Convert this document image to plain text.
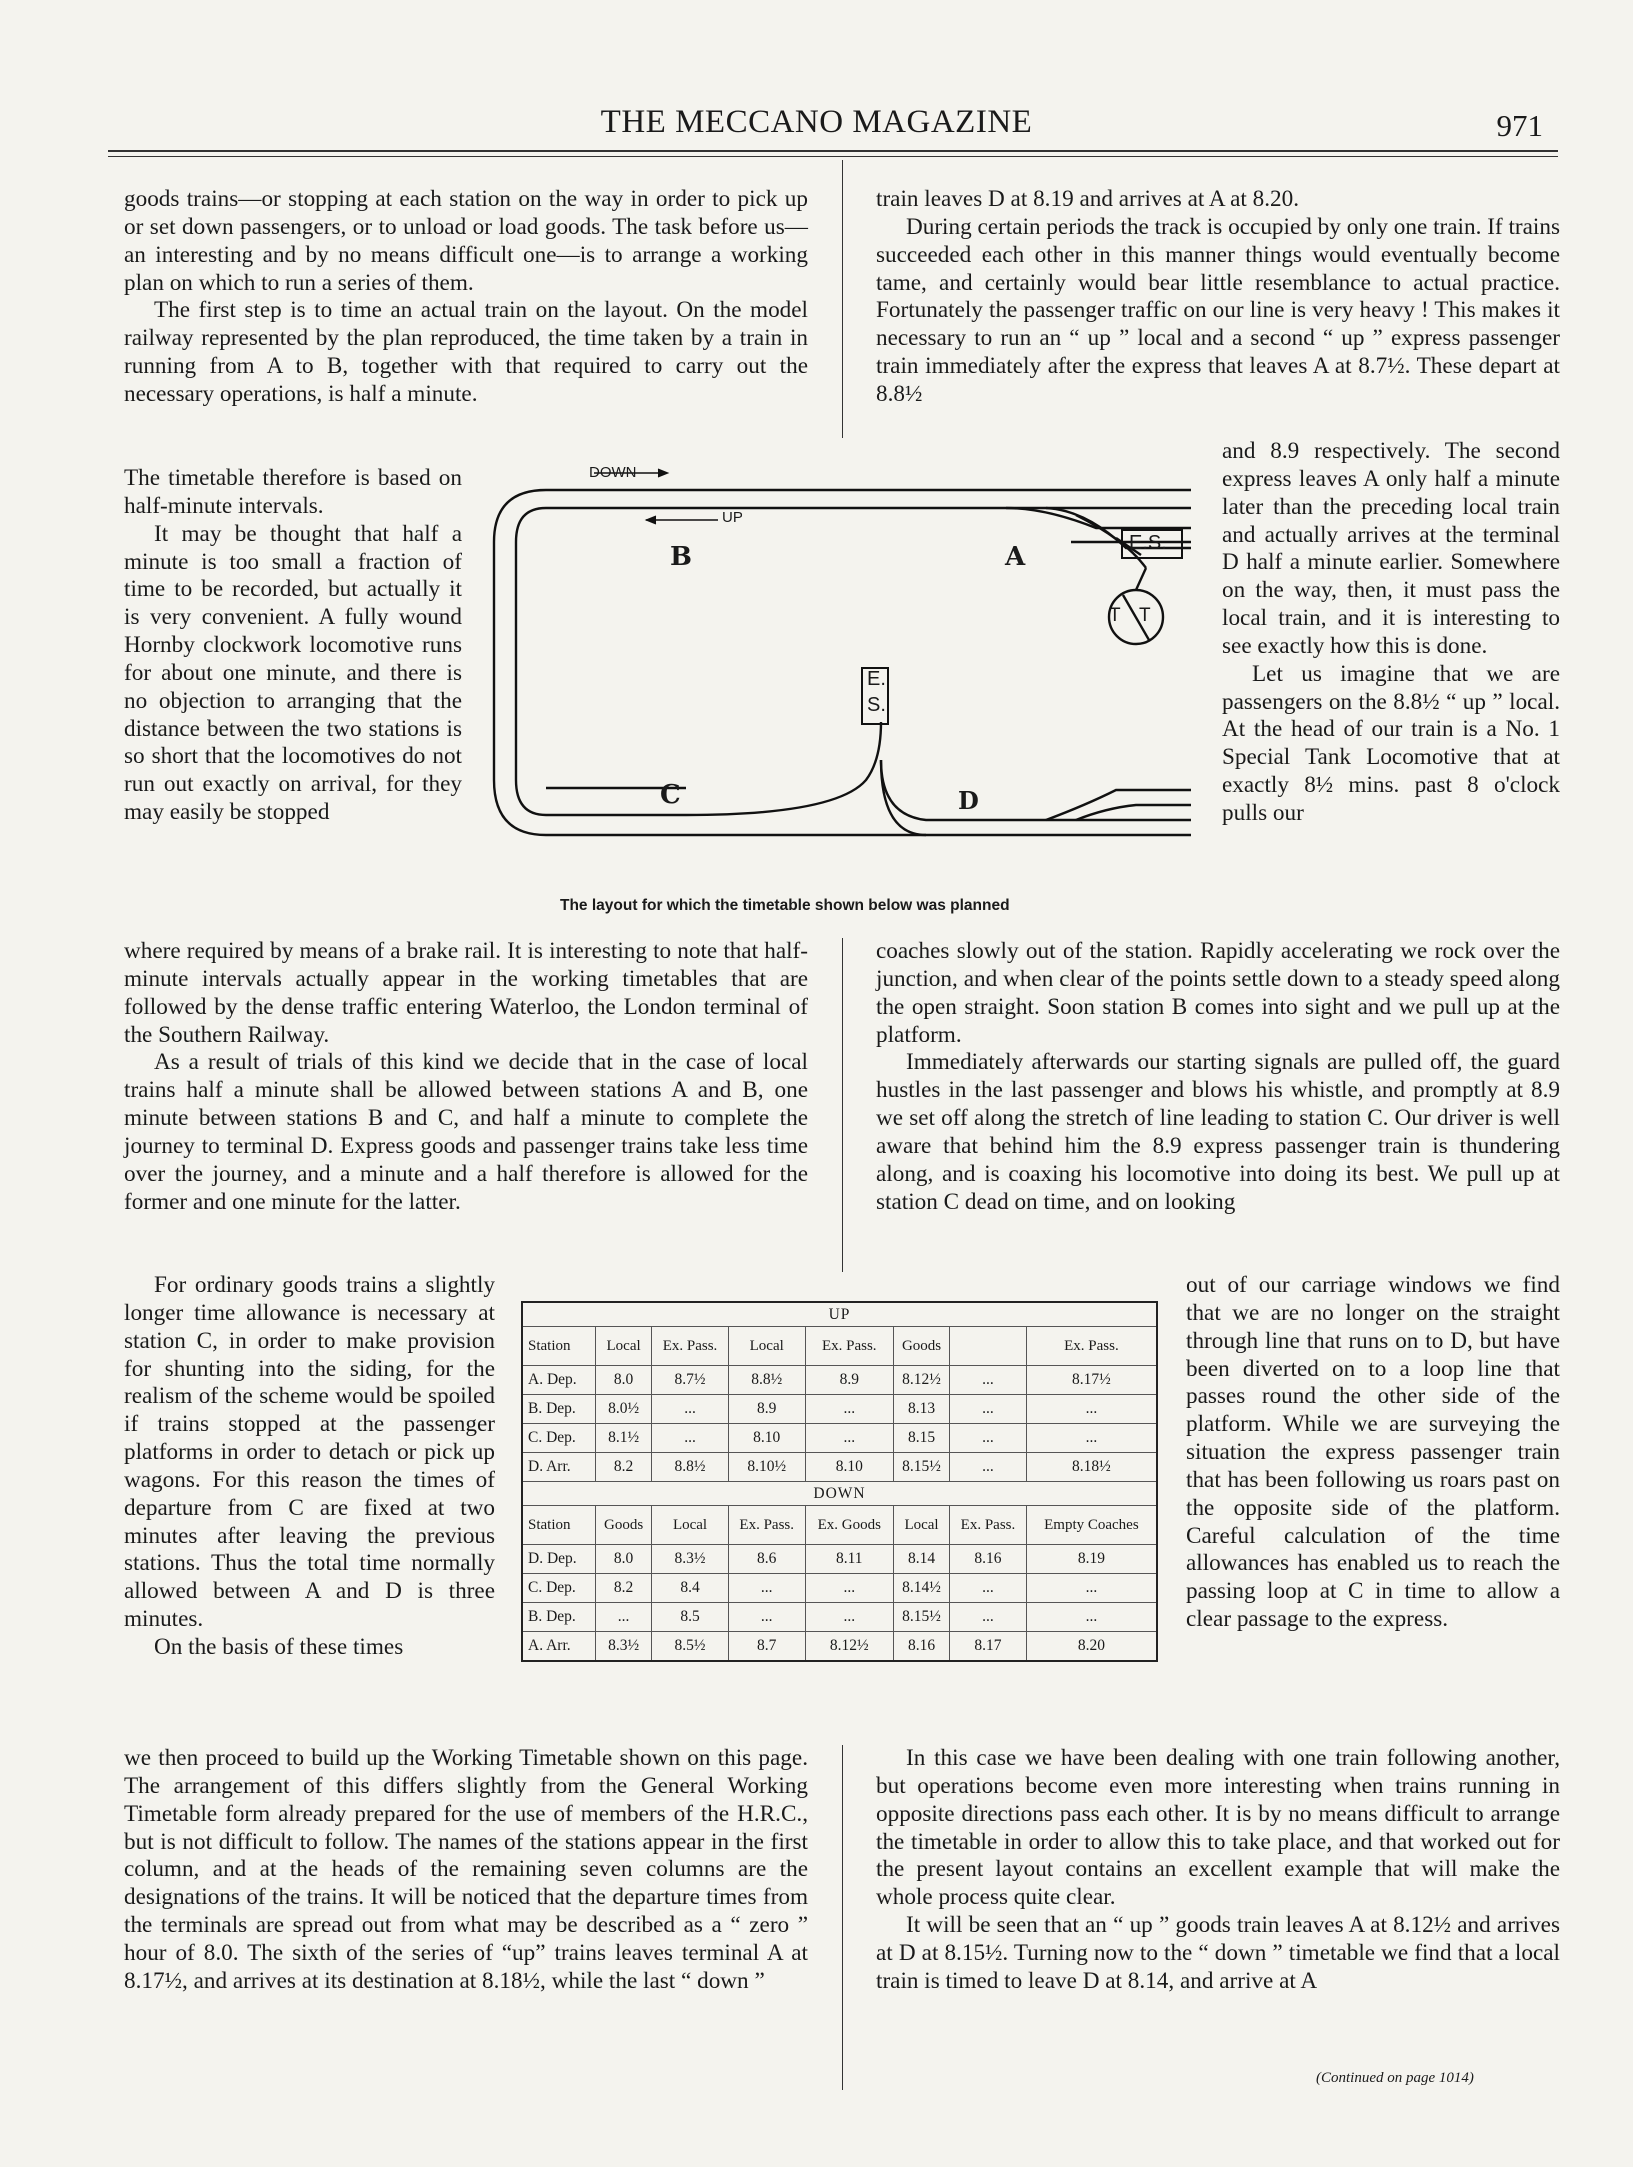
THE MECCANO MAGAZINE	971

goods trains—or stopping at each station on the way in order to pick up or set down passengers, or to unload or load goods. The task before us—an interesting and by no means difficult one—is to arrange a working plan on which to run a series of them.

The first step is to time an actual train on the layout. On the model railway represented by the plan reproduced, the time taken by a train in running from A to B, together with that required to carry out the necessary operations, is half a minute.

The timetable therefore is based on half-minute intervals.

It may be thought that half a minute is too small a fraction of time to be recorded, but actually it is very convenient. A fully wound Hornby clockwork locomotive runs for about one minute, and there is no objection to arranging that the distance between the two stations is so short that the locomotives do not run out exactly on arrival, for they may easily be stopped

where required by means of a brake rail. It is interesting to note that half-minute intervals actually appear in the working timetables that are followed by the dense traffic entering Waterloo, the London terminal of the Southern Railway.

As a result of trials of this kind we decide that in the case of local trains half a minute shall be allowed between stations A and B, one minute between stations B and C, and half a minute to complete the journey to terminal D. Express goods and passenger trains take less time over the journey, and a minute and a half therefore is allowed for the former and one minute for the latter.

For ordinary goods trains a slightly longer time allowance is necessary at station C, in order to make provision for shunting into the siding, for the realism of the scheme would be spoiled if trains stopped at the passenger platforms in order to detach or pick up wagons. For this reason the times of departure from C are fixed at two minutes after leaving the previous stations. Thus the total time normally allowed between A and D is three minutes.

On the basis of these times

we then proceed to build up the Working Timetable shown on this page. The arrangement of this differs slightly from the General Working Timetable form already prepared for the use of members of the H.R.C., but is not difficult to follow. The names of the stations appear in the first column, and at the heads of the remaining seven columns are the designations of the trains. It will be noticed that the departure times from the terminals are spread out from what may be described as a “ zero ” hour of 8.0. The sixth of the series of “up” trains leaves terminal A at 8.17½, and arrives at its destination at 8.18½, while the last “ down ”

train leaves D at 8.19 and arrives at A at 8.20.

During certain periods the track is occupied by only one train. If trains succeeded each other in this manner things would eventually become tame, and certainly would bear little resemblance to actual practice. Fortunately the passenger traffic on our line is very heavy ! This makes it necessary to run an “ up ” local and a second “ up ” express passenger train immediately after the express that leaves A at 8.7½. These depart at 8.8½

and 8.9 respectively. The second express leaves A only half a minute later than the preceding local train and actually arrives at the terminal D half a minute earlier. Somewhere on the way, then, it must pass the local train, and it is interesting to see exactly how this is done.

Let us imagine that we are passengers on the 8.8½ “ up ” local. At the head of our train is a No. 1 Special Tank Locomotive that at exactly 8½ mins. past 8 o'clock pulls our

coaches slowly out of the station. Rapidly accelerating we rock over the junction, and when clear of the points settle down to a steady speed along the open straight. Soon station B comes into sight and we pull up at the platform.

Immediately afterwards our starting signals are pulled off, the guard hustles in the last passenger and blows his whistle, and promptly at 8.9 we set off along the stretch of line leading to station C. Our driver is well aware that behind him the 8.9 express passenger train is thundering along, and is coaxing his locomotive into doing its best. We pull up at station C dead on time, and on looking

out of our carriage windows we find that we are no longer on the straight through line that runs on to D, but have been diverted on to a loop line that passes round the other side of the platform. While we are surveying the situation the express passenger train that has been following us roars past on the opposite side of the platform. Careful calculation of the time allowances has enabled us to reach the passing loop at C in time to allow a clear passage to the express.

In this case we have been dealing with one train following another, but operations become even more interesting when trains running in opposite directions pass each other. It is by no means difficult to arrange the timetable in order to allow this to take place, and that worked out for the present layout contains an excellent example that will make the whole process quite clear.

It will be seen that an “ up ” goods train leaves A at 8.12½ and arrives at D at 8.15½. Turning now to the “ down ” timetable we find that a local train is timed to leave D at 8.14, and arrive at A

(Continued on page 1014)
DOWN
UP
B	A
C	D
E.S.
E.
S.
T T
The layout for which the timetable shown below was planned
UP							
Station	Local	Ex. Pass.	Local	Ex. Pass.	Goods		Ex. Pass.
A. Dep.	8.0	8.7½	8.8½	8.9	8.12½	...	8.17½
B. Dep.	8.0½	...	8.9	...	8.13	...	...
C. Dep.	8.1½	...	8.10	...	8.15	...	...
D. Arr.	8.2	8.8½	8.10½	8.10	8.15½	...	8.18½
DOWN							
Station	Goods	Local	Ex. Pass.	Ex. Goods	Local	Ex. Pass.	Empty Coaches
D. Dep.	8.0	8.3½	8.6	8.11	8.14	8.16	8.19
C. Dep.	8.2	8.4	...	...	8.14½	...	...
B. Dep.	...	8.5	...	...	8.15½	...	...
A. Arr.	8.3½	8.5½	8.7	8.12½	8.16	8.17	8.20
